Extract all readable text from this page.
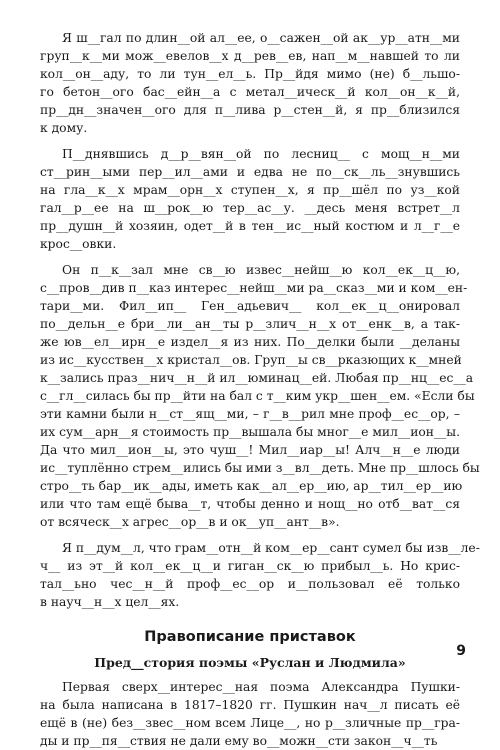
Я ш__гал по длин__ой ал__ее, о__сажен__ой ак__ур__атн__ми
груп__к__ми мож__евелов__х д__рев__ев, нап__м__навшей то ли
кол__он__аду, то ли тун__ел__ь. Пр__йдя мимо (не) б__льшо-
го бетон__ого бас__ейн__а с метал__ическ__й кол__он__к__й,
пр__дн__значен__ого для п__лива р__стен__й, я пр__близился
к дому.

П__днявшись д__р__вян__ой по лесниц__ с мощ__н__ми
ст__рин__ыми пер__ил__ами и едва не по__ск__ль__знувшись
на гла__к__х мрам__орн__х ступен__х, я пр__шёл по уз__кой
гал__р__ее на ш__рок__ю тер__ас__у. __десь меня встрет__л
пр__душн__й хозяин, одет__й в тен__ис__ный костюм и л__г__е
крос__овки.

Он п__к__зал мне св__ю извес__нейш__ю кол__ек__ц__ю,
с__пров__див п__каз интерес__нейш__ми ра__сказ__ми и ком__ен-
тари__ми. Фил__ип__ Ген__адьевич__ кол__ек__ц__онировал
по__дельн__е бри__ли__ан__ты р__злич__н__х от__енк__в, а так-
же юв__ел__ирн__е издел__я из них. По__делки были __деланы
из ис__кусствен__х кристал__ов. Груп__ы св__рказющих к__мней
к__зались праз__нич__н__й ил__юминац__ей. Любая пр__нц__ес__а
с__гл__силась бы пр__йти на бал с т__ким укр__шен__ем. «Если бы
эти камни были н__ст__ящ__ми, – г__в__рил мне проф__ес__ор, –
их сум__арн__я стоимость пр__вышала бы мног__е мил__ион__ы.
Да что мил__ион__ы, это чуш__! Мил__иар__ы! Алч__н__е люди
ис__туплённо стрем__ились бы ими з__вл__деть. Мне пр__шлось бы
стро__ть бар__ик__ады, иметь как__ал__ер__ию, ар__тил__ер__ию
или что там ещё быва__т, чтобы денно и нощ__но отб__ват__ся
от всяческ__х агрес__ор__в и ок__уп__ант__в».

Я п__дум__л, что грам__отн__й ком__ер__сант сумел бы изв__ле-
ч__ из эт__й кол__ек__ц__и гиган__ск__ю прибыл__ь. Но крис-
тал__ьно чес__н__й проф__ес__ор и__пользовал её только
в науч__н__х цел__ях.

Правописание приставок
Пред__стория поэмы «Руслан и Людмила»

Первая сверх__интерес__ная поэма Александра Пушки-
на была написана в 1817–1820 гг. Пушкин нач__л писать её
ещё в (не) без__звес__ном всем Лице__, но р__зличные пр__гра-
ды и пр__пя__ствия не дали ему во__можн__сти закон__ч__ть

9
